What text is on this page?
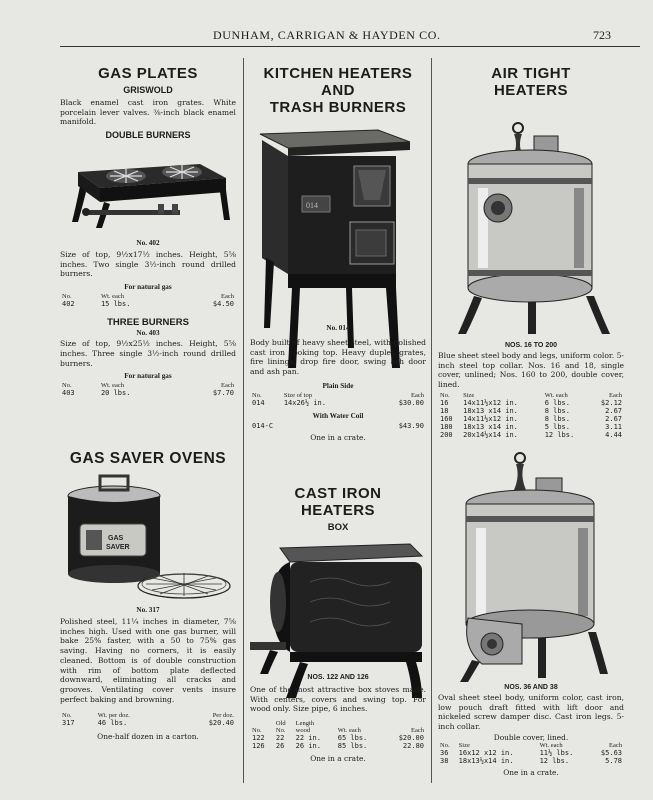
DUNHAM, CARRIGAN & HAYDEN CO.	723
GAS PLATES
GRISWOLD
Black enamel cast iron grates. White porcelain lever valves. ⅜-inch black enamel manifold.
DOUBLE BURNERS
No. 402
Size of top, 9½x17½ inches. Height, 5⅝ inches. Two single 3½-inch round drilled burners.
For natural gas
No.	Wt. each	Each
402	15 lbs.	$4.50
THREE BURNERS
No. 403
Size of top, 9½x25½ inches. Height, 5⅝ inches. Three single 3½-inch round drilled burners.
For natural gas
No.	Wt. each	Each
403	20 lbs.	$7.70
GAS SAVER OVENS
GAS
SAVER
No. 317
Polished steel, 11¼ inches in diameter, 7⅝ inches high. Used with one gas burner, will bake 25% faster, with a 50 to 75% gas saving. Having no corners, it is easily cleaned. Bottom is of double construction with rim of bottom plate deflected downward, eliminating all cracks and grooves. Ventilating cover vents insure perfect baking and browning.
No.	Wt. per doz.	Per doz.
317	46 lbs.	$20.40
One-half dozen in a carton.
KITCHEN HEATERS
AND
TRASH BURNERS
014
No. 014
Body built of heavy sheet steel, with polished cast iron cooking top. Heavy duplex grates, fire linings, drop fire door, swing ash door and ash pan.
Plain Side
No.	Size of top	Each
014	14x26½ in.	$30.00
With Water Coil
014-C		$43.90
One in a crate.
CAST IRON
HEATERS
BOX
NOS. 122 AND 126
One of the most attractive box stoves made. With centers, covers and swing top. For wood only. Size pipe, 6 inches.
	Old	Length		
No.	No.	wood	Wt. each	Each
122	22	22 in.	65 lbs.	$20.00
126	26	26 in.	85 lbs.	22.80
One in a crate.
AIR TIGHT
HEATERS
NOS. 16 TO 200
Blue sheet steel body and legs, uniform color. 5-inch steel top collar. Nos. 16 and 18, single cover, unlined; Nos. 160 to 200, double cover, lined.
No.	Size	Wt. each	Each
16	14x11½x12 in.	6 lbs.	$2.12
18	18x13 x14 in.	8 lbs.	2.67
160	14x11½x12 in.	8 lbs.	2.67
180	18x13 x14 in.	5 lbs.	3.11
200	20x14½x14 in.	12 lbs.	4.44
NOS. 36 AND 38
Oval sheet steel body, uniform color, cast iron, low pouch draft fitted with lift door and nickeled screw damper disc. Cast iron legs. 5-inch collar.
Double cover, lined.
No.	Size	Wt. each	Each
36	16x12 x12 in.	11½ lbs.	$5.63
38	18x13½x14 in.	12 lbs.	5.78
One in a crate.
